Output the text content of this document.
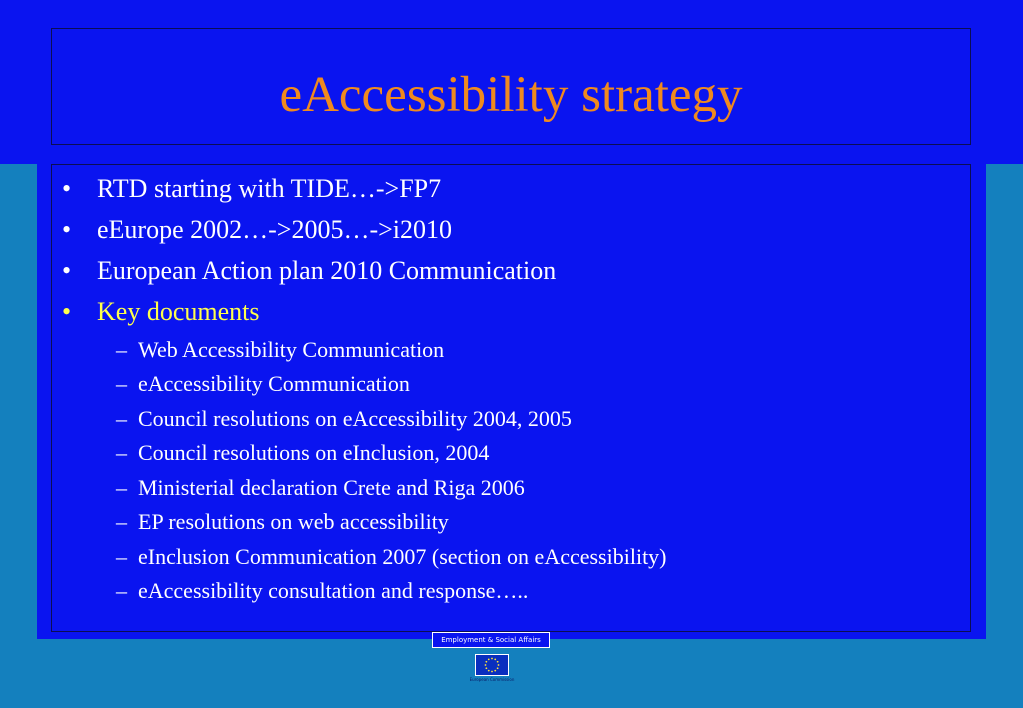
eAccessibility strategy
• RTD starting with TIDE…->FP7
• eEurope 2002…->2005…->i2010
• European Action plan 2010 Communication
• Key documents
– Web Accessibility Communication
– eAccessibility Communication
– Council resolutions on eAccessibility 2004, 2005
– Council resolutions on eInclusion, 2004
– Ministerial declaration Crete and Riga 2006
– EP resolutions on web accessibility
– eInclusion Communication 2007 (section on eAccessibility)
– eAccessibility consultation and response…..
Employment & Social Affairs
European Commission
